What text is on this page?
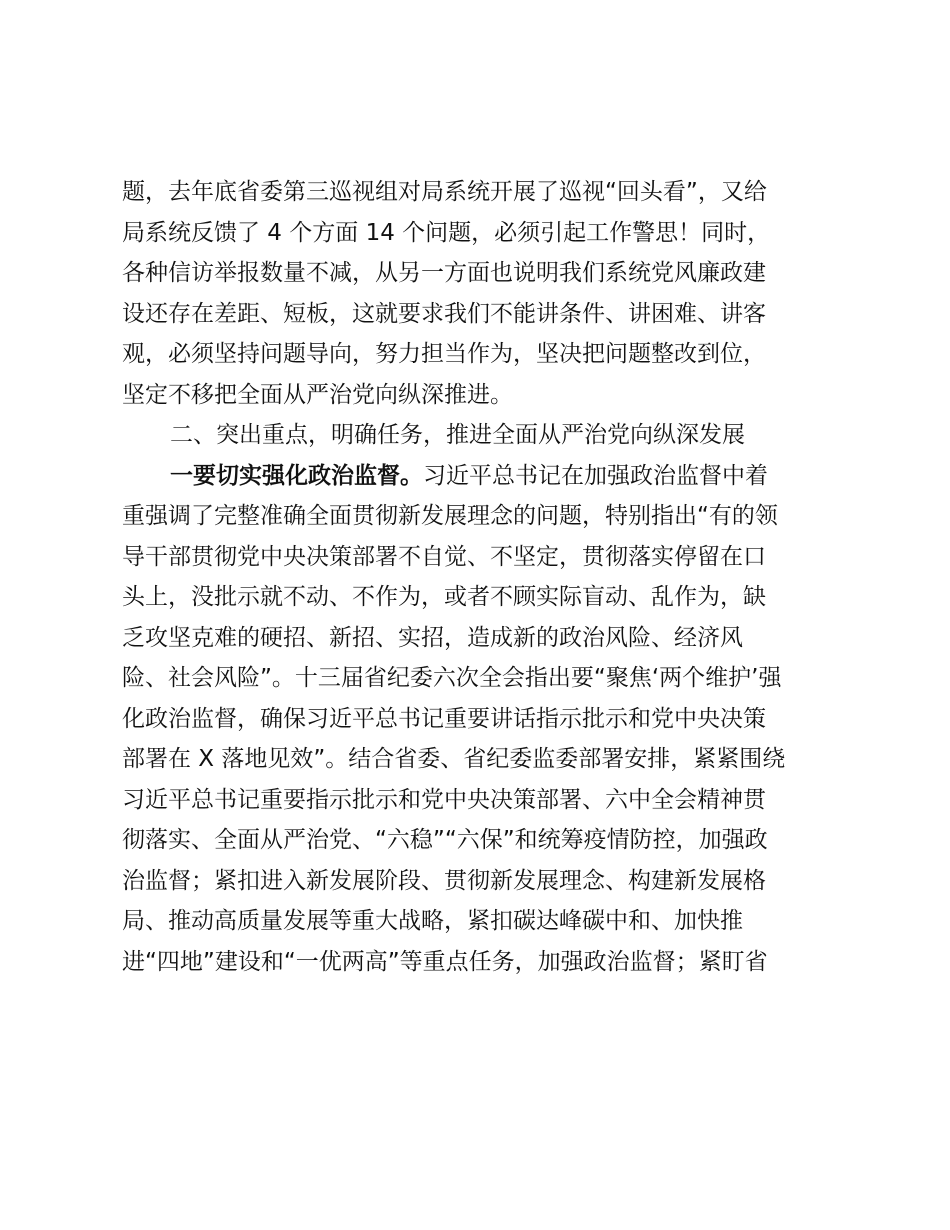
题，去年底省委第三巡视组对局系统开展了巡视“回头看”，又给
局系统反馈了 4 个方面 14 个问题，必须引起工作警思！同时，
各种信访举报数量不减，从另一方面也说明我们系统党风廉政建
设还存在差距、短板，这就要求我们不能讲条件、讲困难、讲客
观，必须坚持问题导向，努力担当作为，坚决把问题整改到位，
坚定不移把全面从严治党向纵深推进。
二、突出重点，明确任务，推进全面从严治党向纵深发展
一要切实强化政治监督。习近平总书记在加强政治监督中着
重强调了完整准确全面贯彻新发展理念的问题，特别指出“有的领
导干部贯彻党中央决策部署不自觉、不坚定，贯彻落实停留在口
头上，没批示就不动、不作为，或者不顾实际盲动、乱作为，缺
乏攻坚克难的硬招、新招、实招，造成新的政治风险、经济风
险、社会风险”。十三届省纪委六次全会指出要“聚焦‘两个维护’强
化政治监督，确保习近平总书记重要讲话指示批示和党中央决策
部署在 X 落地见效”。结合省委、省纪委监委部署安排，紧紧围绕
习近平总书记重要指示批示和党中央决策部署、六中全会精神贯
彻落实、全面从严治党、“六稳”“六保”和统筹疫情防控，加强政
治监督；紧扣进入新发展阶段、贯彻新发展理念、构建新发展格
局、推动高质量发展等重大战略，紧扣碳达峰碳中和、加快推
进“四地”建设和“一优两高”等重点任务，加强政治监督；紧盯省
